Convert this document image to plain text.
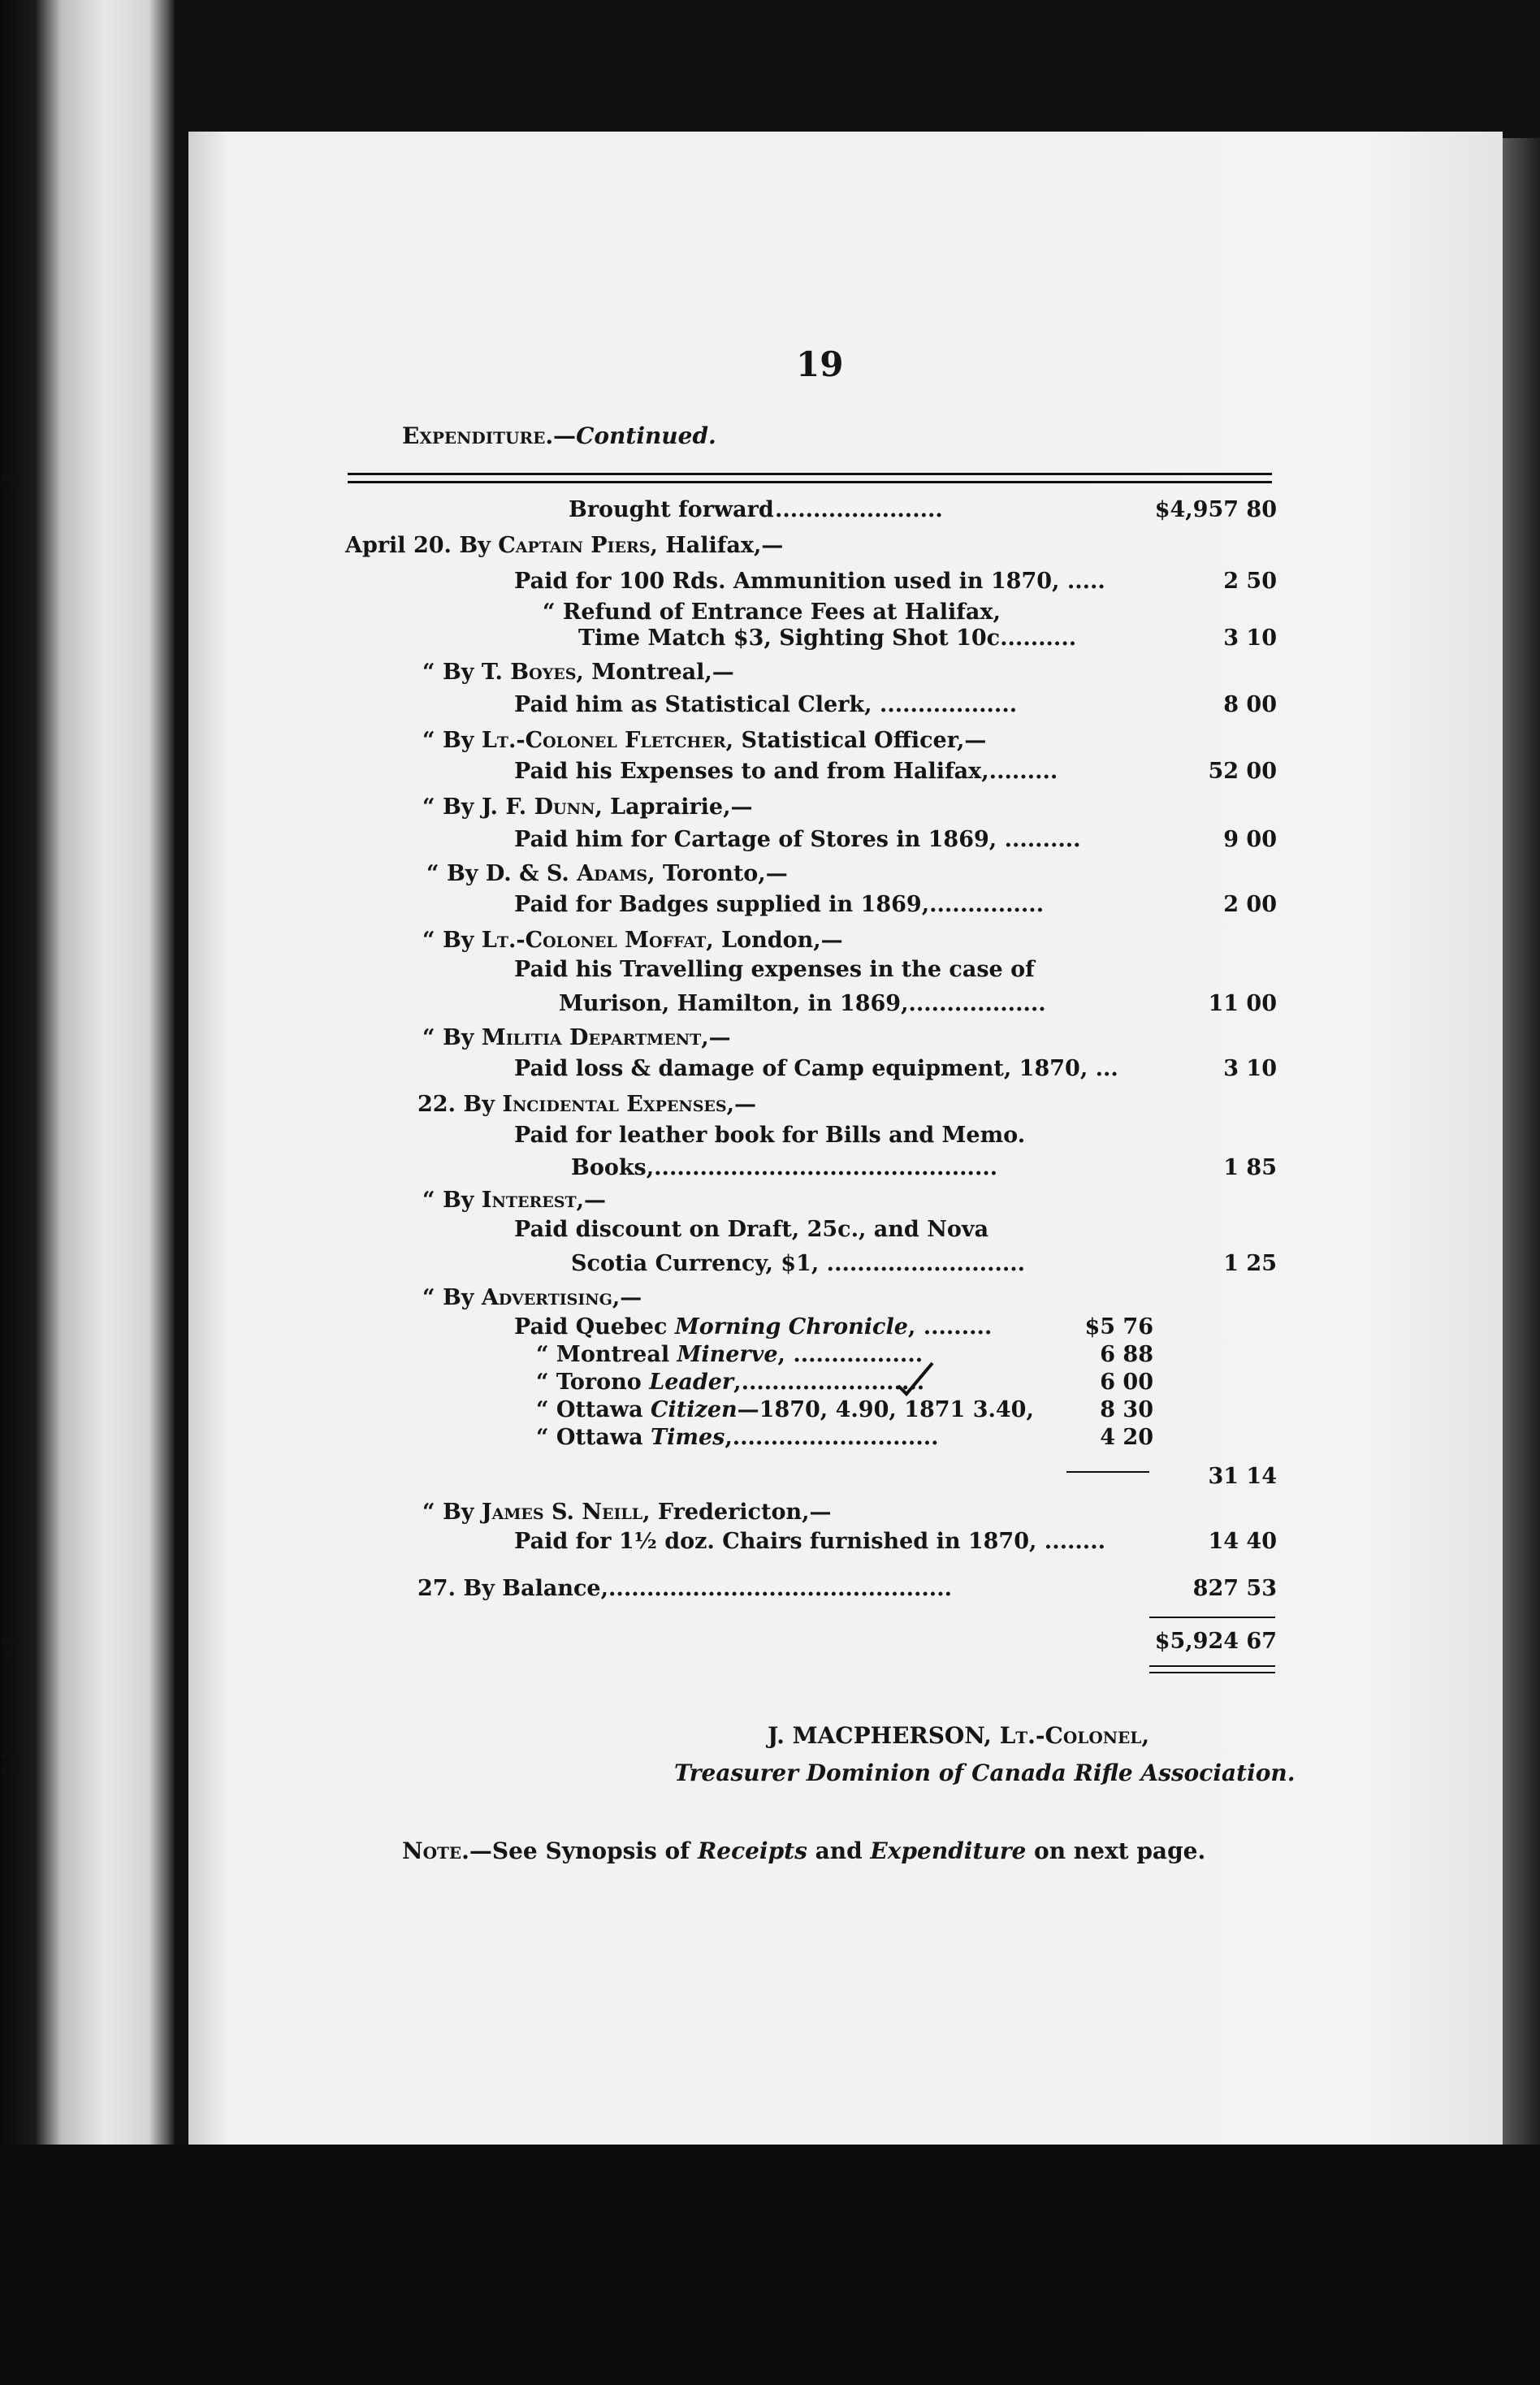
7
7
3
19
Expenditure.—Continued.
Brought forward ......................	$4,957 80
April 20. By Captain Piers, Halifax,—
Paid for 100 Rds. Ammunition used in 1870, .....	2 50
“ Refund of Entrance Fees at Halifax,
Time Match $3, Sighting Shot 10c..........	3 10
“ By T. Boyes, Montreal,—
Paid him as Statistical Clerk, ..................	8 00
“ By Lt.-Colonel Fletcher, Statistical Officer,—
Paid his Expenses to and from Halifax,.........	52 00
“ By J. F. Dunn, Laprairie,—
Paid him for Cartage of Stores in 1869, ..........	9 00
“ By D. & S. Adams, Toronto,—
Paid for Badges supplied in 1869,...............	2 00
“ By Lt.-Colonel Moffat, London,—
Paid his Travelling expenses in the case of
Murison, Hamilton, in 1869,..................	11 00
“ By Militia Department,—
Paid loss & damage of Camp equipment, 1870, ...	3 10
22. By Incidental Expenses,—
Paid for leather book for Bills and Memo.
Books,.............................................	1 85
“ By Interest,—
Paid discount on Draft, 25c., and Nova
Scotia Currency, $1, ..........................	1 25
“ By Advertising,—
Paid Quebec Morning Chronicle, .........	$5 76
“ Montreal Minerve, .................	6 88
“ Torono Leader,........................	6 00
“ Ottawa Citizen—1870, 4.90, 1871 3.40,	8 30
“ Ottawa Times,...........................	4 20
31 14
“ By James S. Neill, Fredericton,—
Paid for 1½ doz. Chairs furnished in 1870, ........	14 40
27. By Balance,.............................................	827 53
$5,924 67
J. MACPHERSON, Lt.-Colonel,
Treasurer Dominion of Canada Rifle Association.
Note.—See Synopsis of Receipts and Expenditure on next page.
